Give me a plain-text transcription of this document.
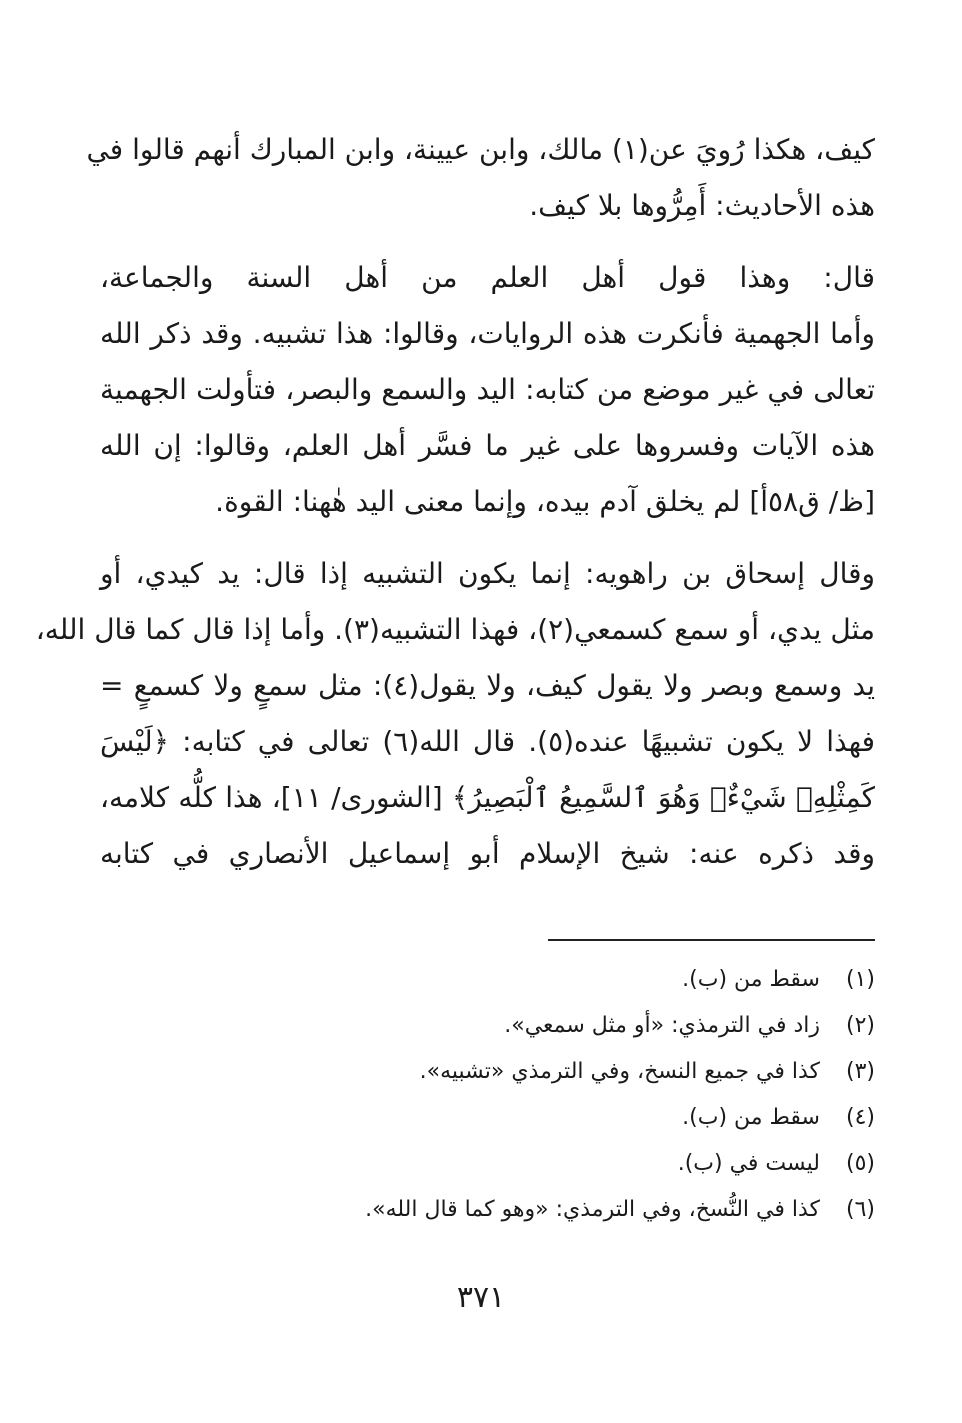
كيف، هكذا رُويَ عن(١) مالك، وابن عيينة، وابن المبارك أنهم قالوا في
هذه الأحاديث: أَمِرُّوها بلا كيف.
قال: وهذا قول أهل العلم من أهل السنة والجماعة،
وأما الجهمية فأنكرت هذه الروايات، وقالوا: هذا تشبيه. وقد ذكر الله
تعالى في غير موضع من كتابه: اليد والسمع والبصر، فتأولت الجهمية
هذه الآيات وفسروها على غير ما فسَّر أهل العلم، وقالوا: إن الله
[ظ/ ق٥٨أ] لم يخلق آدم بيده، وإنما معنى اليد هٰهنا: القوة.
وقال إسحاق بن راهويه: إنما يكون التشبيه إذا قال: يد كيدي، أو
مثل يدي، أو سمع كسمعي(٢)، فهذا التشبيه(٣). وأما إذا قال كما قال الله،
يد وسمع وبصر ولا يقول كيف، ولا يقول(٤): مثل سمعٍ ولا كسمعٍ =
فهذا لا يكون تشبيهًا عنده(٥). قال الله(٦) تعالى في كتابه: ﴿لَيْسَ
كَمِثْلِهِۦ شَيْءٌۖ وَهُوَ ٱلسَّمِيعُ ٱلْبَصِيرُ﴾ [الشورى/ ١١]، هذا كلُّه كلامه،
وقد ذكره عنه: شيخ الإسلام أبو إسماعيل الأنصاري في كتابه
(١) سقط من (ب).
(٢) زاد في الترمذي: «أو مثل سمعي».
(٣) كذا في جميع النسخ، وفي الترمذي «تشبيه».
(٤) سقط من (ب).
(٥) ليست في (ب).
(٦) كذا في النُّسخ، وفي الترمذي: «وهو كما قال الله».
٣٧١
